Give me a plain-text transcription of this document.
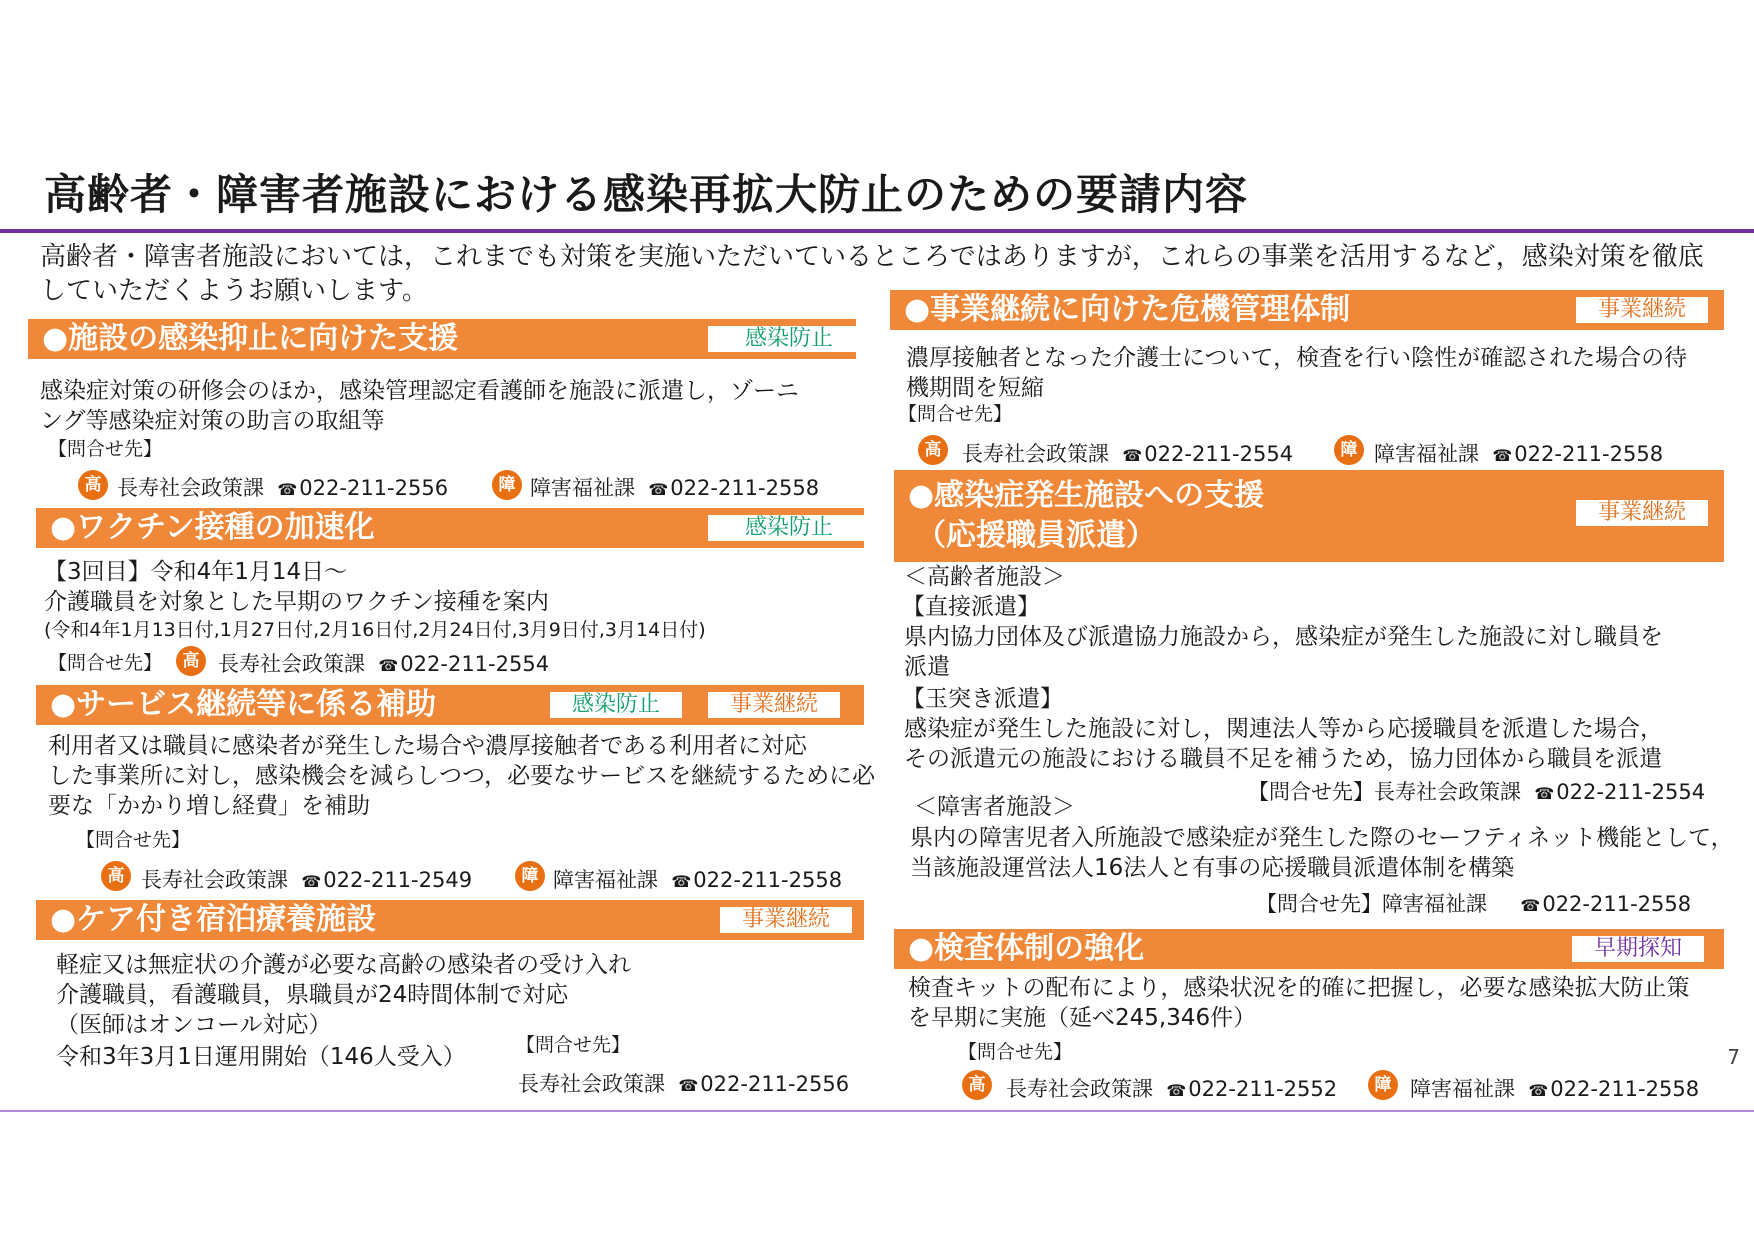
高齢者・障害者施設における感染再拡大防止のための要請内容
高齢者・障害者施設においては，これまでも対策を実施いただいているところではありますが，これらの事業を活用するなど，感染対策を徹底していただくようお願いします。
●施設の感染抑止に向けた支援	感染防止
感染症対策の研修会のほか，感染管理認定看護師を施設に派遣し，ゾーニ
ング等感染症対策の助言の取組等
【問合せ先】
高 長寿社会政策課 ☎022-211-2556	障 障害福祉課 ☎022-211-2558
●ワクチン接種の加速化	感染防止
【3回目】令和4年1月14日～
介護職員を対象とした早期のワクチン接種を案内
(令和4年1月13日付,1月27日付,2月16日付,2月24日付,3月9日付,3月14日付)
【問合せ先】	高 長寿社会政策課 ☎022-211-2554
●サービス継続等に係る補助	感染防止	事業継続
利用者又は職員に感染者が発生した場合や濃厚接触者である利用者に対応
した事業所に対し，感染機会を減らしつつ，必要なサービスを継続するために必
要な「かかり増し経費」を補助
【問合せ先】
高 長寿社会政策課 ☎022-211-2549	障 障害福祉課 ☎022-211-2558
●ケア付き宿泊療養施設	事業継続
軽症又は無症状の介護が必要な高齢の感染者の受け入れ
介護職員，看護職員，県職員が24時間体制で対応
（医師はオンコール対応）
令和3年3月1日運用開始（146人受入）	【問合せ先】
長寿社会政策課 ☎022-211-2556
●事業継続に向けた危機管理体制	事業継続
濃厚接触者となった介護士について，検査を行い陰性が確認された場合の待
機期間を短縮
【問合せ先】
高 長寿社会政策課 ☎022-211-2554	障 障害福祉課 ☎022-211-2558
●感染症発生施設への支援
（応援職員派遣）
事業継続
＜高齢者施設＞
【直接派遣】
県内協力団体及び派遣協力施設から，感染症が発生した施設に対し職員を
派遣
【玉突き派遣】
感染症が発生した施設に対し，関連法人等から応援職員を派遣した場合，
その派遣元の施設における職員不足を補うため，協力団体から職員を派遣
【問合せ先】長寿社会政策課 ☎022-211-2554
＜障害者施設＞
県内の障害児者入所施設で感染症が発生した際のセーフティネット機能として，
当該施設運営法人16法人と有事の応援職員派遣体制を構築
【問合せ先】障害福祉課 ☎022-211-2558
●検査体制の強化	早期探知
検査キットの配布により，感染状況を的確に把握し，必要な感染拡大防止策
を早期に実施（延べ245,346件）
【問合せ先】
高 長寿社会政策課 ☎022-211-2552	障 障害福祉課 ☎022-211-2558
7
